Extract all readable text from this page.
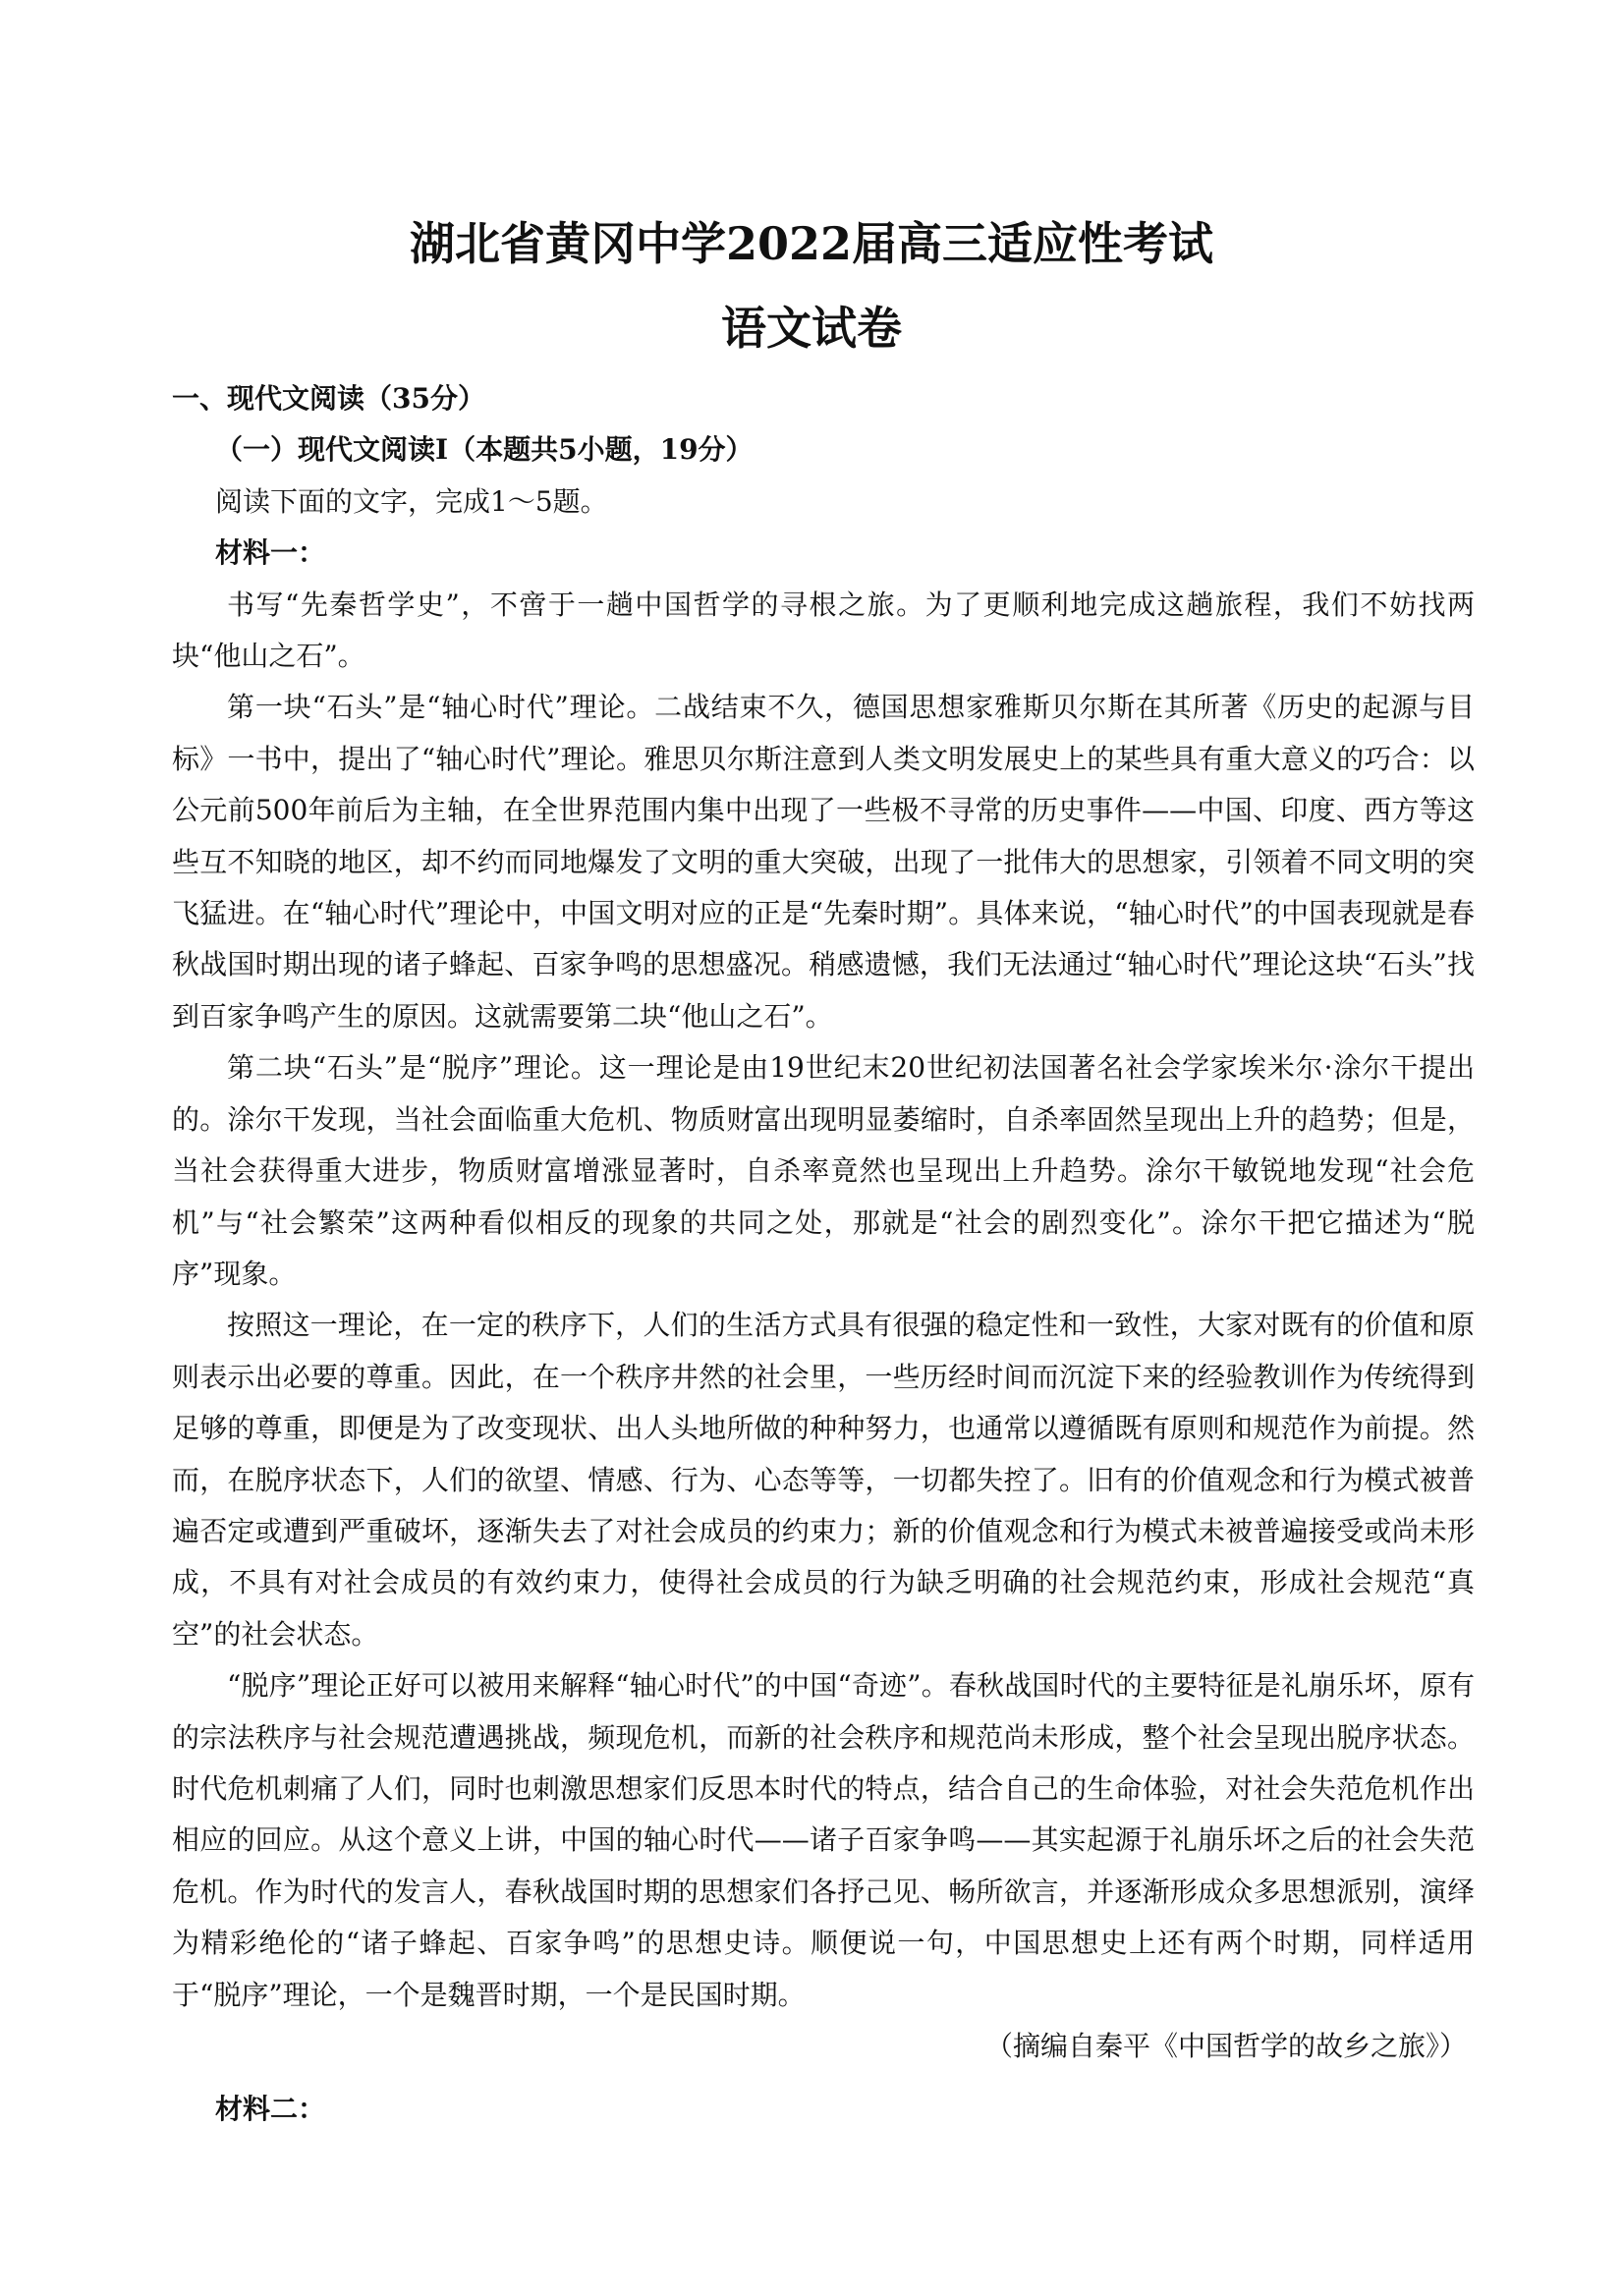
湖北省黄冈中学2022届高三适应性考试
语文试卷

一、现代文阅读（35分）

（一）现代文阅读Ⅰ（本题共5小题，19分）

阅读下面的文字，完成1～5题。

材料一：

书写“先秦哲学史”，不啻于一趟中国哲学的寻根之旅。为了更顺利地完成这趟旅程，我们不妨找两块“他山之石”。

第一块“石头”是“轴心时代”理论。二战结束不久，德国思想家雅斯贝尔斯在其所著《历史的起源与目标》一书中，提出了“轴心时代”理论。雅思贝尔斯注意到人类文明发展史上的某些具有重大意义的巧合：以公元前500年前后为主轴，在全世界范围内集中出现了一些极不寻常的历史事件——中国、印度、西方等这些互不知晓的地区，却不约而同地爆发了文明的重大突破，出现了一批伟大的思想家，引领着不同文明的突飞猛进。在“轴心时代”理论中，中国文明对应的正是“先秦时期”。具体来说，“轴心时代”的中国表现就是春秋战国时期出现的诸子蜂起、百家争鸣的思想盛况。稍感遗憾，我们无法通过“轴心时代”理论这块“石头”找到百家争鸣产生的原因。这就需要第二块“他山之石”。

第二块“石头”是“脱序”理论。这一理论是由19世纪末20世纪初法国著名社会学家埃米尔·涂尔干提出的。涂尔干发现，当社会面临重大危机、物质财富出现明显萎缩时，自杀率固然呈现出上升的趋势；但是，当社会获得重大进步，物质财富增涨显著时，自杀率竟然也呈现出上升趋势。涂尔干敏锐地发现“社会危机”与“社会繁荣”这两种看似相反的现象的共同之处，那就是“社会的剧烈变化”。涂尔干把它描述为“脱序”现象。

按照这一理论，在一定的秩序下，人们的生活方式具有很强的稳定性和一致性，大家对既有的价值和原则表示出必要的尊重。因此，在一个秩序井然的社会里，一些历经时间而沉淀下来的经验教训作为传统得到足够的尊重，即便是为了改变现状、出人头地所做的种种努力，也通常以遵循既有原则和规范作为前提。然而，在脱序状态下，人们的欲望、情感、行为、心态等等，一切都失控了。旧有的价值观念和行为模式被普遍否定或遭到严重破坏，逐渐失去了对社会成员的约束力；新的价值观念和行为模式未被普遍接受或尚未形成，不具有对社会成员的有效约束力，使得社会成员的行为缺乏明确的社会规范约束，形成社会规范“真空”的社会状态。

“脱序”理论正好可以被用来解释“轴心时代”的中国“奇迹”。春秋战国时代的主要特征是礼崩乐坏，原有的宗法秩序与社会规范遭遇挑战，频现危机，而新的社会秩序和规范尚未形成，整个社会呈现出脱序状态。时代危机刺痛了人们，同时也刺激思想家们反思本时代的特点，结合自己的生命体验，对社会失范危机作出相应的回应。从这个意义上讲，中国的轴心时代——诸子百家争鸣——其实起源于礼崩乐坏之后的社会失范危机。作为时代的发言人，春秋战国时期的思想家们各抒己见、畅所欲言，并逐渐形成众多思想派别，演绎为精彩绝伦的“诸子蜂起、百家争鸣”的思想史诗。顺便说一句，中国思想史上还有两个时期，同样适用于“脱序”理论，一个是魏晋时期，一个是民国时期。

（摘编自秦平《中国哲学的故乡之旅》）

材料二：
